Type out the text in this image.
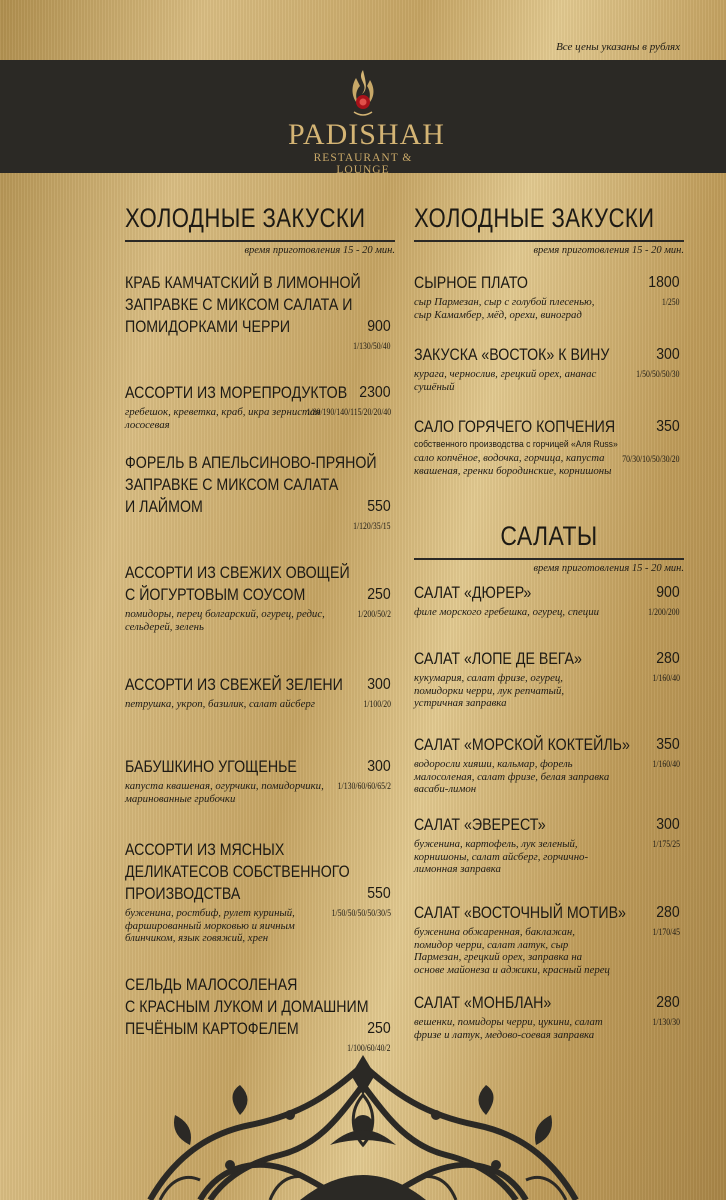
Все цены указаны в рублях
PADISHAH
RESTAURANT & LOUNGE
ХОЛОДНЫЕ ЗАКУСКИ
время приготовления 15 - 20 мин.
КРАБ КАМЧАТСКИЙ В ЛИМОННОЙ
ЗАПРАВКЕ С МИКСОМ САЛАТА И
ПОМИДОРКАМИ ЧЕРРИ	900
1/130/50/40
АССОРТИ ИЗ МОРЕПРОДУКТОВ 2300
1/80/190/140/115/20/20/40
гребешок, креветка, краб, икра зернистая лососевая
ФОРЕЛЬ В АПЕЛЬСИНОВО-ПРЯНОЙ
ЗАПРАВКЕ С МИКСОМ САЛАТА
И ЛАЙМОМ	550
1/120/35/15
АССОРТИ ИЗ СВЕЖИХ ОВОЩЕЙ
С ЙОГУРТОВЫМ СОУСОМ	250
1/200/50/2
помидоры, перец болгарский, огурец, редис, сельдерей, зелень
АССОРТИ ИЗ СВЕЖЕЙ ЗЕЛЕНИ 300
1/100/20
петрушка, укроп, базилик, салат айсберг
БАБУШКИНО УГОЩЕНЬЕ	300
1/130/60/60/65/2
капуста квашеная, огурчики, помидорчики, маринованные грибочки
АССОРТИ ИЗ МЯСНЫХ
ДЕЛИКАТЕСОВ СОБСТВЕННОГО
ПРОИЗВОДСТВА	550
1/50/50/50/50/30/5
буженина, ростбиф, рулет куриный, фаршированный морковью и яичным блинчиком, язык говяжий, хрен
СЕЛЬДЬ МАЛОСОЛЕНАЯ
С КРАСНЫМ ЛУКОМ И ДОМАШНИМ
ПЕЧЁНЫМ КАРТОФЕЛЕМ	250
1/100/60/40/2
ХОЛОДНЫЕ ЗАКУСКИ
время приготовления 15 - 20 мин.
СЫРНОЕ ПЛАТО	1800
1/250
сыр Пармезан, сыр с голубой плесенью, сыр Камамбер, мёд, орехи, виноград
ЗАКУСКА «ВОСТОК» К ВИНУ	300
1/50/50/50/30
курага, чернослив, грецкий орех, ананас сушёный
САЛО ГОРЯЧЕГО КОПЧЕНИЯ	350
собственного производства с горчицей «Аля Russ»
70/30/10/50/30/20
сало копчёное, водочка, горчица, капуста квашеная, гренки бородинские, корнишоны
САЛАТЫ
время приготовления 15 - 20 мин.
САЛАТ «ДЮРЕР»	900
1/200/200
филе морского гребешка, огурец, специи
САЛАТ «ЛОПЕ ДЕ ВЕГА»	280
1/160/40
кукумария, салат фризе, огурец, помидорки черри, лук репчатый, устричная заправка
САЛАТ «МОРСКОЙ КОКТЕЙЛЬ» 350
1/160/40
водоросли хияши, кальмар, форель малосоленая, салат фризе, белая заправка васаби-лимон
САЛАТ «ЭВЕРЕСТ»	300
1/175/25
буженина, картофель, лук зеленый, корнишоны, салат айсберг, горчично-лимонная заправка
САЛАТ «ВОСТОЧНЫЙ МОТИВ» 280
1/170/45
буженина обжаренная, баклажан, помидор черри, салат латук, сыр Пармезан, грецкий орех, заправка на основе майонеза и аджики, красный перец
САЛАТ «МОНБЛАН»	280
1/130/30
вешенки, помидоры черри, цукини, салат фризе и латук, медово-соевая заправка
